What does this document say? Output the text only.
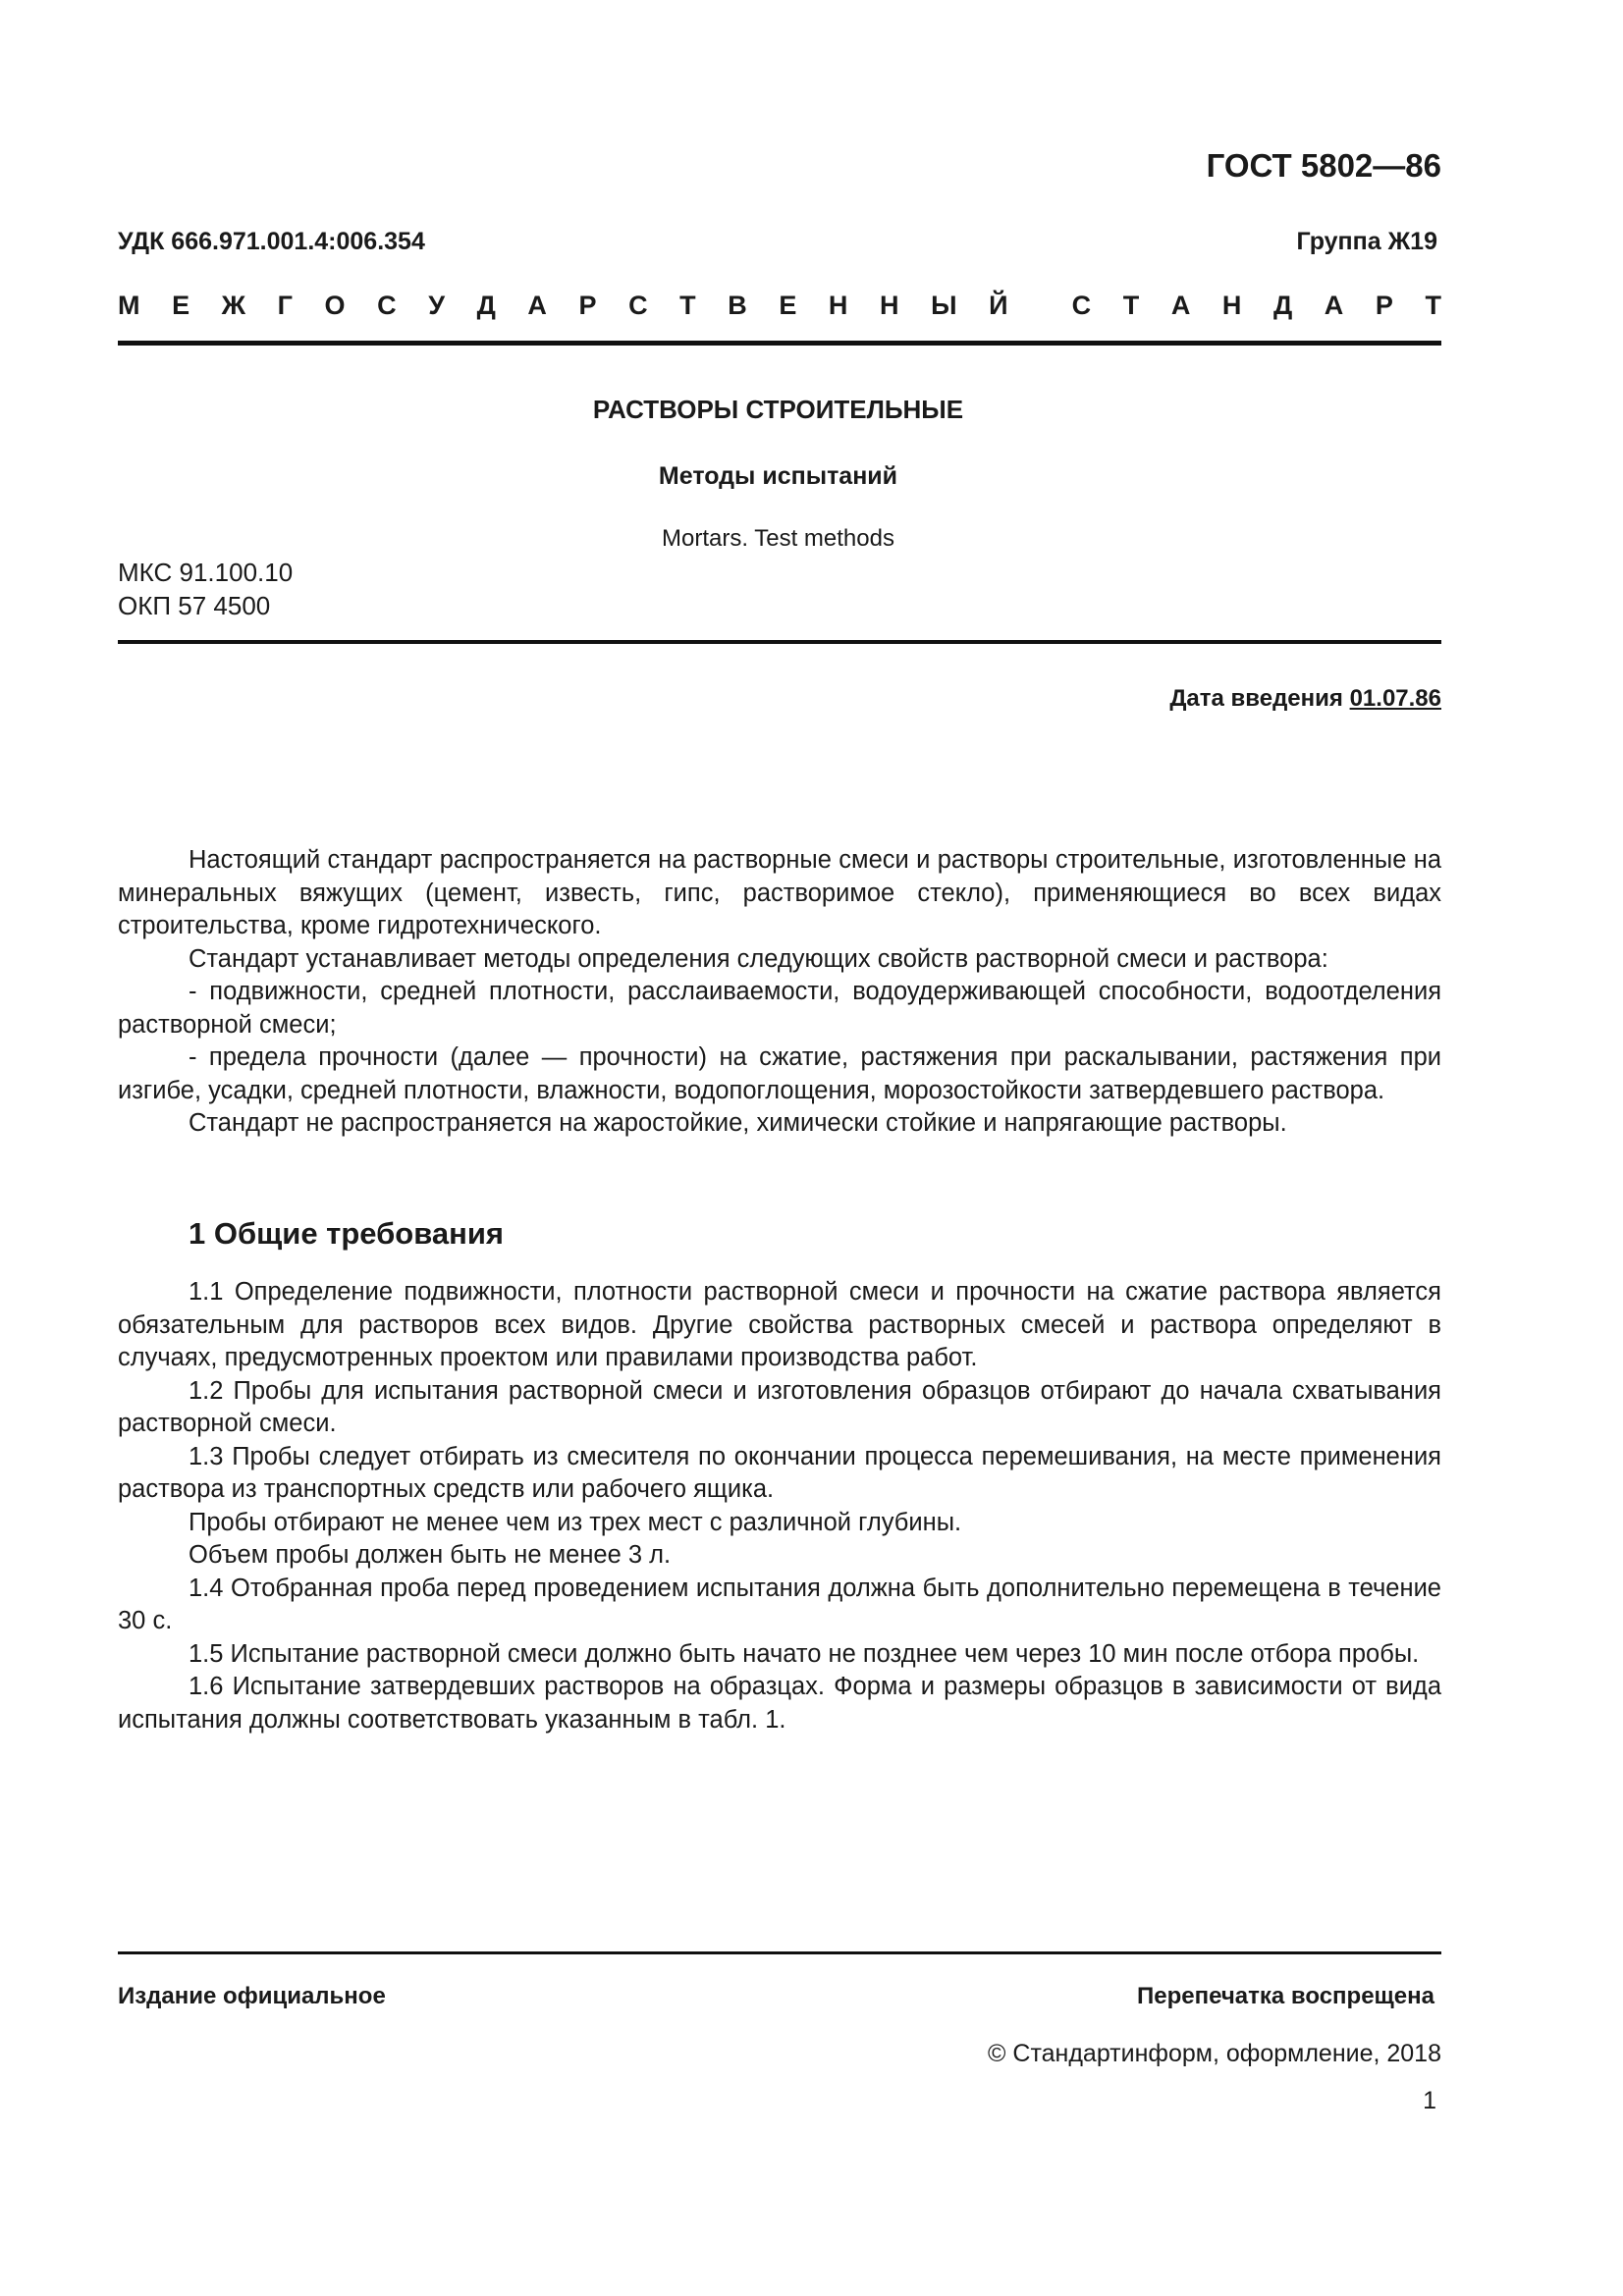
ГОСТ 5802—86
УДК 666.971.001.4:006.354	Группа Ж19
М Е Ж Г О С У Д А Р С Т В Е Н Н Ы Й С Т А Н Д А Р Т
РАСТВОРЫ СТРОИТЕЛЬНЫЕ
Методы испытаний
Mortars. Test methods
МКС 91.100.10
ОКП 57 4500
Дата введения 01.07.86

Настоящий стандарт распространяется на растворные смеси и растворы строительные, изготовленные на минеральных вяжущих (цемент, известь, гипс, растворимое стекло), применяющиеся во всех видах строительства, кроме гидротехнического.

Стандарт устанавливает методы определения следующих свойств растворной смеси и раствора:

- подвижности, средней плотности, расслаиваемости, водоудерживающей способности, водоотделения растворной смеси;

- предела прочности (далее — прочности) на сжатие, растяжения при раскалывании, растяжения при изгибе, усадки, средней плотности, влажности, водопоглощения, морозостойкости затвердевшего раствора.

Стандарт не распространяется на жаростойкие, химически стойкие и напрягающие растворы.

1 Общие требования

1.1 Определение подвижности, плотности растворной смеси и прочности на сжатие раствора является обязательным для растворов всех видов. Другие свойства растворных смесей и раствора определяют в случаях, предусмотренных проектом или правилами производства работ.

1.2 Пробы для испытания растворной смеси и изготовления образцов отбирают до начала схватывания растворной смеси.

1.3 Пробы следует отбирать из смесителя по окончании процесса перемешивания, на месте применения раствора из транспортных средств или рабочего ящика.

Пробы отбирают не менее чем из трех мест с различной глубины.

Объем пробы должен быть не менее 3 л.

1.4 Отобранная проба перед проведением испытания должна быть дополнительно перемещена в течение 30 с.

1.5 Испытание растворной смеси должно быть начато не позднее чем через 10 мин после отбора пробы.

1.6 Испытание затвердевших растворов на образцах. Форма и размеры образцов в зависимости от вида испытания должны соответствовать указанным в табл. 1.

Издание официальное	Перепечатка воспрещена
© Стандартинформ, оформление, 2018
1
